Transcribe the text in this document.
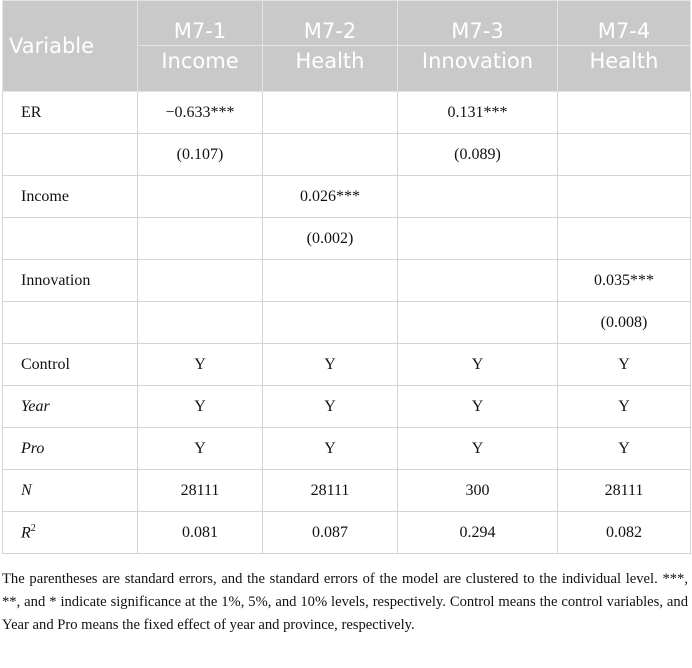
Variable	M7-1	M7-2	M7-3	M7-4
	Income	Health	Innovation	Health
ER	−0.633***		0.131***	
	(0.107)		(0.089)	
Income		0.026***		
		(0.002)		
Innovation				0.035***
				(0.008)
Control	Y	Y	Y	Y
Year	Y	Y	Y	Y
Pro	Y	Y	Y	Y
N	28111	28111	300	28111
$R^2$	0.081	0.087	0.294	0.082

The parentheses are standard errors, and the standard errors of the model are clustered to the individual level. ***, **, and * indicate significance at the 1%, 5%, and 10% levels, respectively. Control means the control variables, and Year and Pro means the fixed effect of year and province, respectively.
